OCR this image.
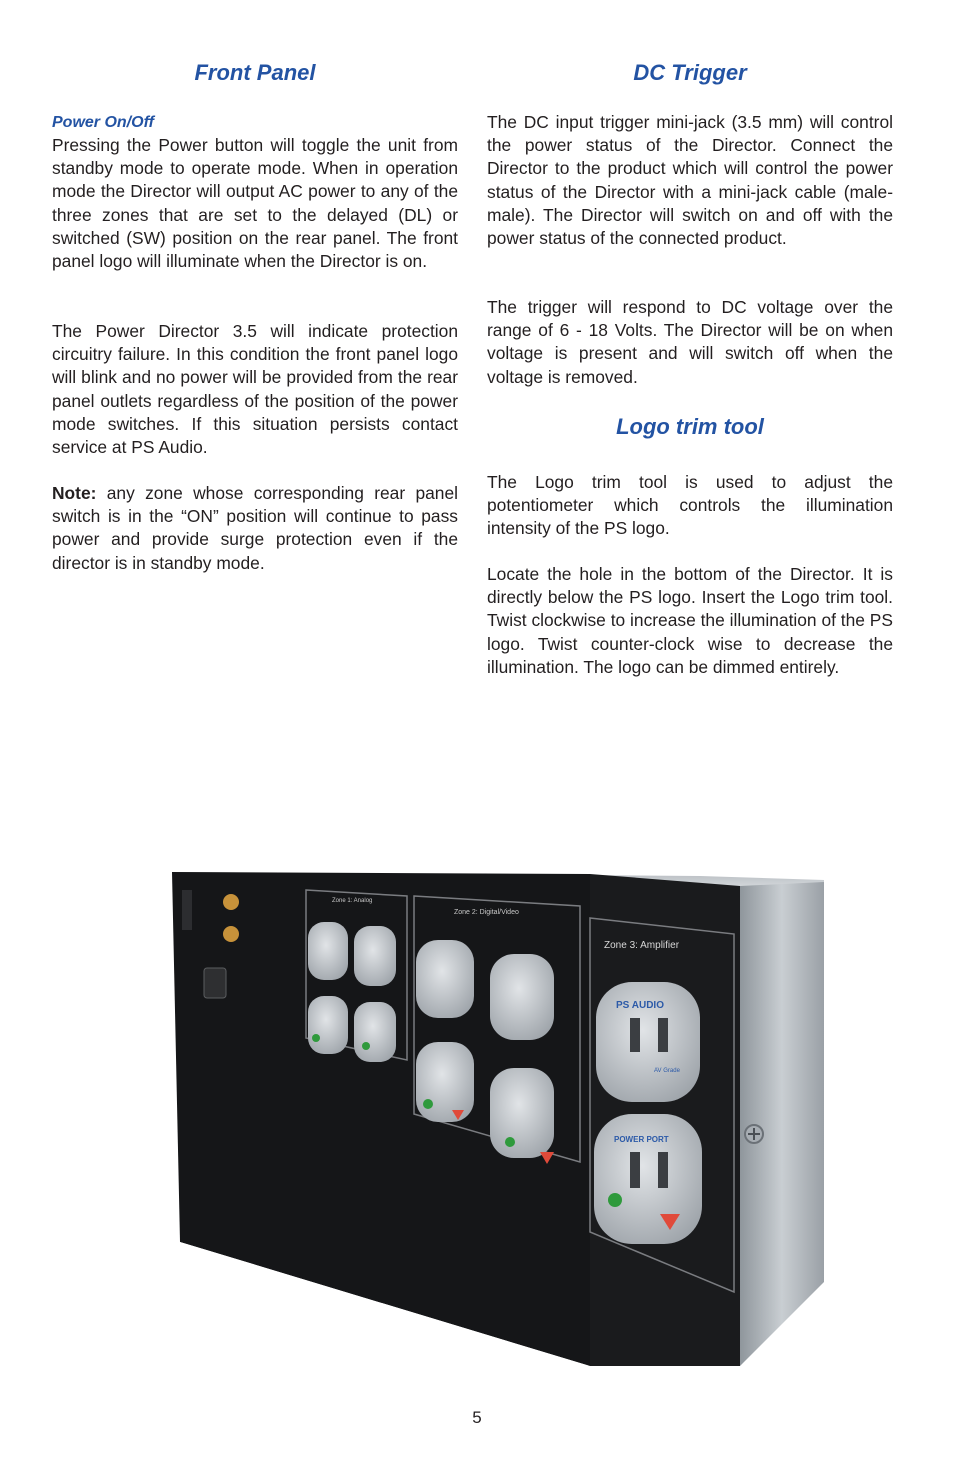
Front Panel
Power On/Off

Pressing the Power button will toggle the unit from standby mode to operate mode. When in operation mode the Director will output AC power to any of the three zones that are set to the delayed (DL) or switched (SW) position on the rear panel. The front panel logo will illuminate when the Director is on.

The Power Director 3.5 will indicate protection circuitry failure. In this condition the front panel logo will blink and no power will be provided from the rear panel outlets regardless of the position of the power mode switches. If this situation persists contact service at PS Audio.

Note: any zone whose corresponding rear panel switch is in the “ON” position will continue to pass power and provide surge protection even if the director is in standby mode.

DC Trigger

The DC input trigger mini-jack (3.5 mm) will control the power status of the Director. Connect the Director to the product which will control the power status of the Director with a mini-jack cable (male-male). The Director will switch on and off with the power status of the connected product.

The trigger will respond to DC voltage over the range of 6 - 18 Volts. The Director will be on when voltage is present and will switch off when the voltage is removed.

Logo trim tool

The Logo trim tool is used to adjust the potentiometer which controls the illumination intensity of the PS logo.

Locate the hole in the bottom of the Director. It is directly below the PS logo. Insert the Logo trim tool. Twist clockwise to increase the illumination of the PS logo. Twist counter-clock wise to decrease the illumination. The logo can be dimmed entirely.

Zone 1: Analog
Zone 2: Digital/Video
Zone 3: Amplifier
PS AUDIO
POWER PORT
AV Grade
5
